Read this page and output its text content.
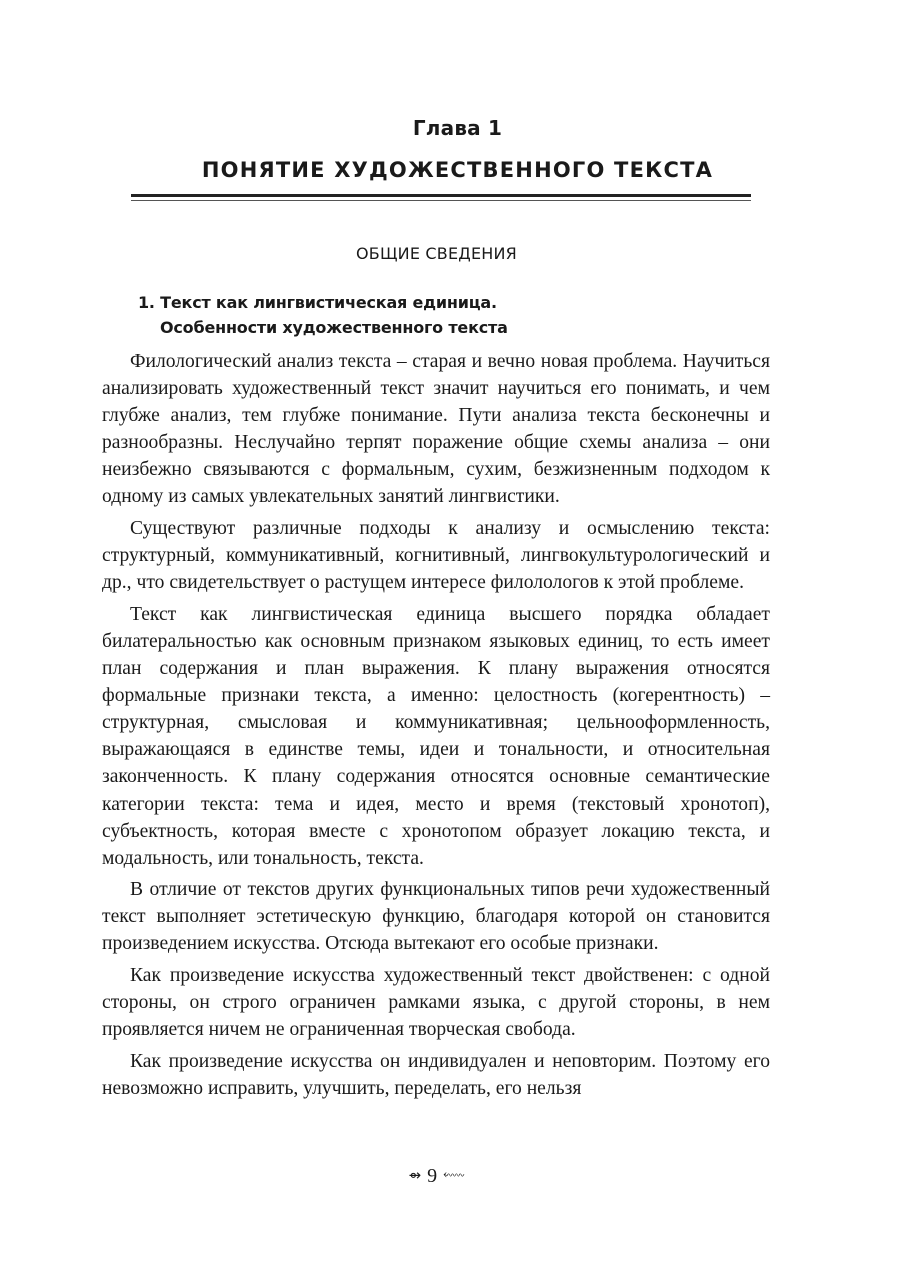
Глава 1
ПОНЯТИЕ ХУДОЖЕСТВЕННОГО ТЕКСТА
ОБЩИЕ СВЕДЕНИЯ
1. Текст как лингвистическая единица.
Особенности художественного текста

Филологический анализ текста – старая и вечно новая проблема. Научиться анализировать художественный текст значит научиться его понимать, и чем глубже анализ, тем глубже понимание. Пути анализа текста бесконечны и разнообразны. Неслучайно терпят поражение общие схемы анализа – они неизбежно связываются с формальным, сухим, безжизненным подходом к одному из самых увлекательных занятий лингвистики.

Существуют различные подходы к анализу и осмыслению текста: структурный, коммуникативный, когнитивный, лингвокультурологический и др., что свидетельствует о растущем интересе филолологов к этой проблеме.

Текст как лингвистическая единица высшего порядка обладает билатеральностью как основным признаком языковых единиц, то есть имеет план содержания и план выражения. К плану выражения относятся формальные признаки текста, а именно: целостность (когерентность) – структурная, смысловая и коммуникативная; цельнооформленность, выражающаяся в единстве темы, идеи и тональности, и относительная законченность. К плану содержания относятся основные семантические категории текста: тема и идея, место и время (текстовый хронотоп), субъектность, которая вместе с хронотопом образует локацию текста, и модальность, или тональность, текста.

В отличие от текстов других функциональных типов речи художественный текст выполняет эстетическую функцию, благодаря которой он становится произведением искусства. Отсюда вытекают его особые признаки.

Как произведение искусства художественный текст двойственен: с одной стороны, он строго ограничен рамками языка, с другой стороны, в нем проявляется ничем не ограниченная творческая свобода.

Как произведение искусства он индивидуален и неповторим. Поэтому его невозможно исправить, улучшить, переделать, его нельзя

⇴ 9 ⬳
